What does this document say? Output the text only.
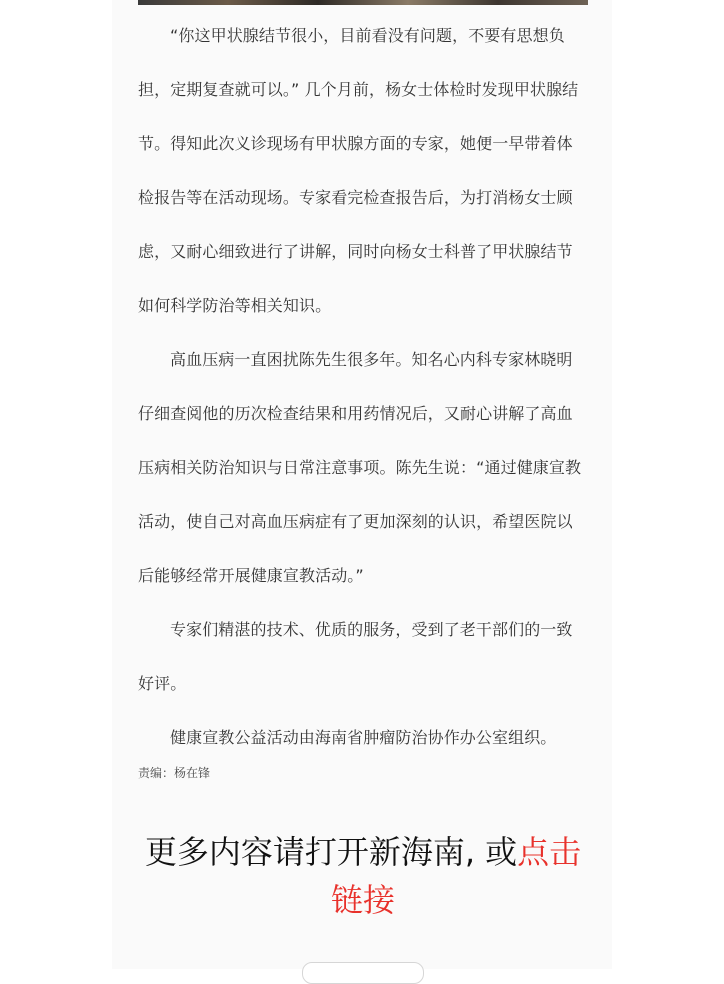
“你这甲状腺结节很小，目前看没有问题，不要有思想负担，定期复查就可以。” 几个月前，杨女士体检时发现甲状腺结节。得知此次义诊现场有甲状腺方面的专家，她便一早带着体检报告等在活动现场。专家看完检查报告后，为打消杨女士顾虑，又耐心细致进行了讲解，同时向杨女士科普了甲状腺结节如何科学防治等相关知识。

高血压病一直困扰陈先生很多年。知名心内科专家林晓明仔细查阅他的历次检查结果和用药情况后，又耐心讲解了高血压病相关防治知识与日常注意事项。陈先生说：“通过健康宣教活动，使自己对高血压病症有了更加深刻的认识，希望医院以后能够经常开展健康宣教活动。”

专家们精湛的技术、优质的服务，受到了老干部们的一致好评。

健康宣教公益活动由海南省肿瘤防治协作办公室组织。

责编：杨在锋
更多内容请打开新海南, 或点击链接
